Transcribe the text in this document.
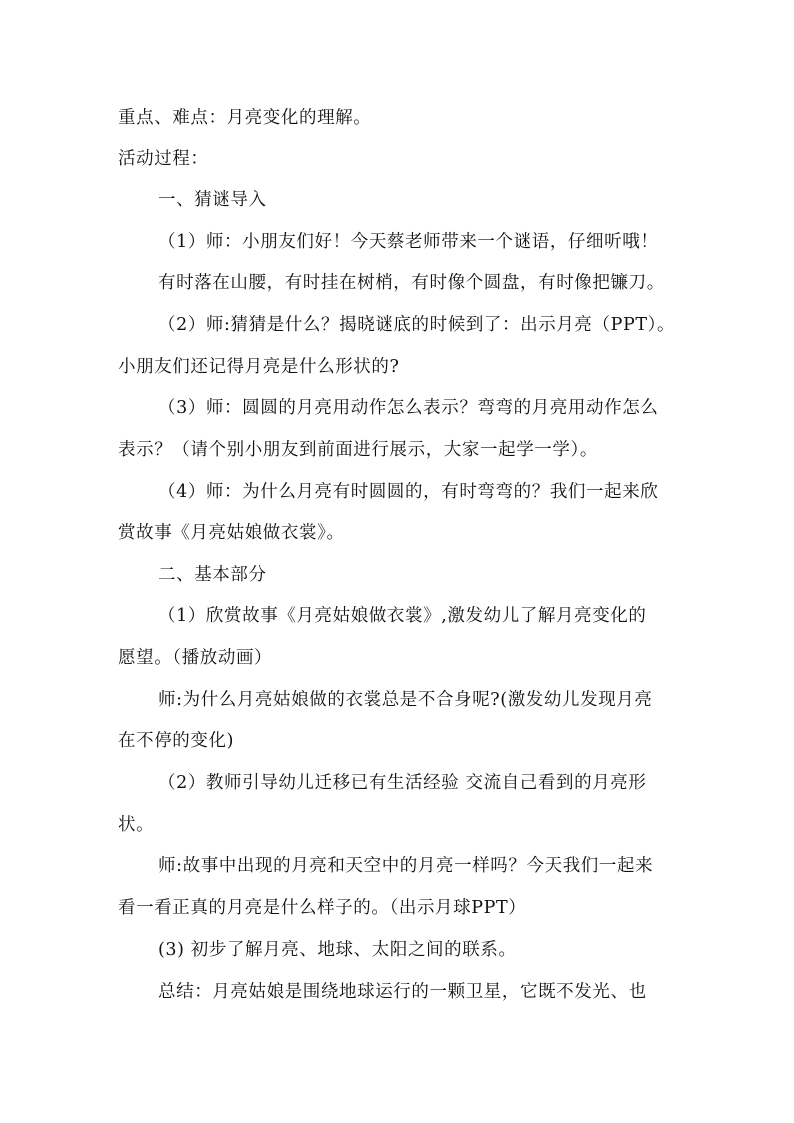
重点、难点：月亮变化的理解。
活动过程：
一、猜谜导入
（1）师：小朋友们好！今天蔡老师带来一个谜语，仔细听哦！
有时落在山腰，有时挂在树梢，有时像个圆盘，有时像把镰刀。
（2）师:猜猜是什么？揭晓谜底的时候到了：出示月亮（PPT）。
小朋友们还记得月亮是什么形状的?
（3）师：圆圆的月亮用动作怎么表示？弯弯的月亮用动作怎么
表示？（请个别小朋友到前面进行展示，大家一起学一学）。
（4）师：为什么月亮有时圆圆的，有时弯弯的？我们一起来欣
赏故事《月亮姑娘做衣裳》。
二、基本部分
（1）欣赏故事《月亮姑娘做衣裳》,激发幼儿了解月亮变化的
愿望。（播放动画）
师:为什么月亮姑娘做的衣裳总是不合身呢?(激发幼儿发现月亮
在不停的变化)
（2）教师引导幼儿迁移已有生活经验 交流自己看到的月亮形
状。
师:故事中出现的月亮和天空中的月亮一样吗？今天我们一起来
看一看正真的月亮是什么样子的。（出示月球PPT）
(3) 初步了解月亮、地球、太阳之间的联系。
总结：月亮姑娘是围绕地球运行的一颗卫星，它既不发光、也
